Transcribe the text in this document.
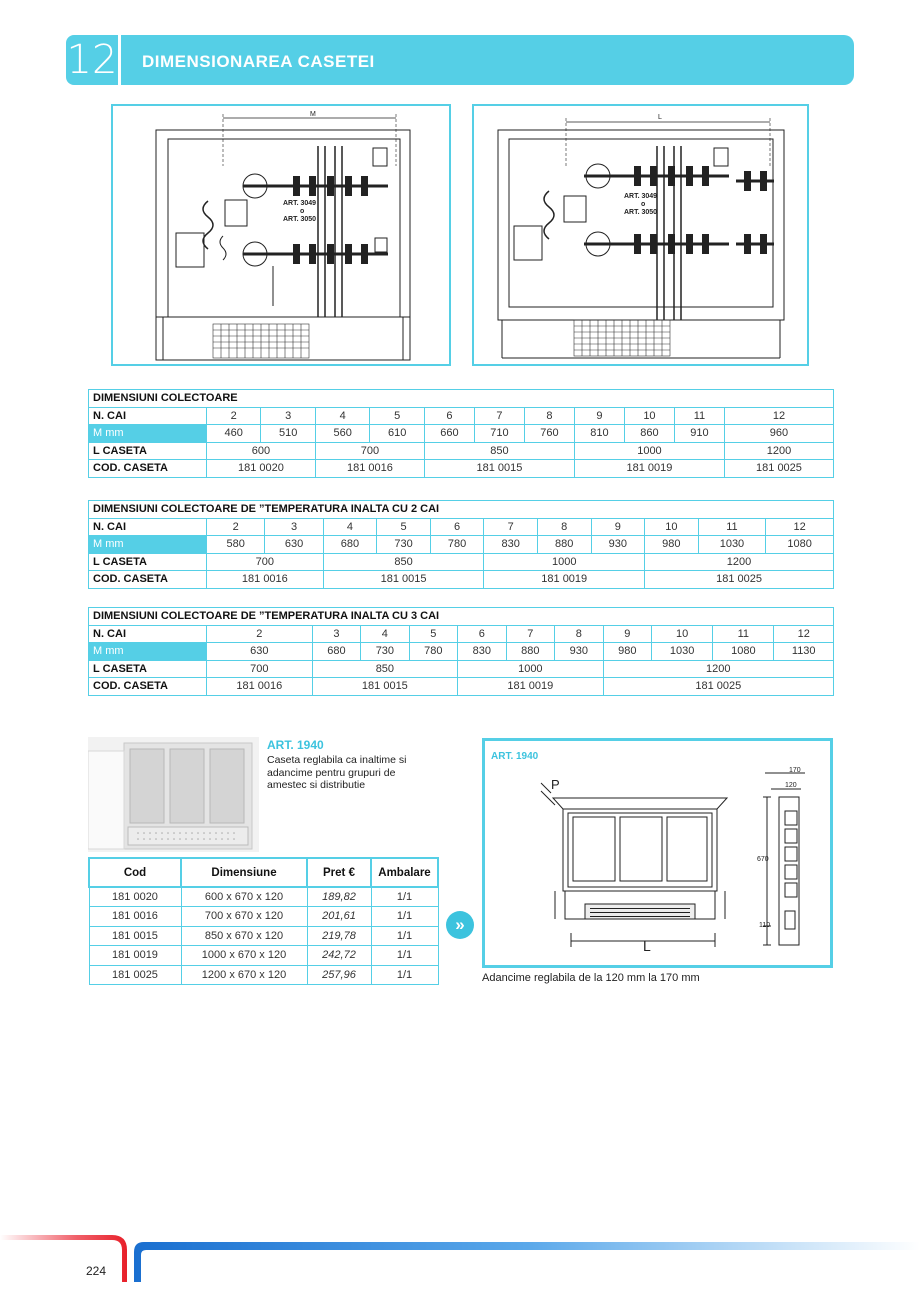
12	DIMENSIONAREA CASETEI
M
ART. 3049
o
ART. 3050
L
ART. 3049
o
ART. 3050
DIMENSIUNI COLECTOARE											
N. CAI	2	3	4	5	6	7	8	9	10	11	12
M mm	460	510	560	610	660	710	760	810	860	910	960
L CASETA	600		700		850			1000			1200
COD. CASETA	181 0020		181 0016		181 0015			181 0019			181 0025
DIMENSIUNI COLECTOARE DE ”TEMPERATURA INALTA CU 2 CAI											
N. CAI	2	3	4	5	6	7	8	9	10	11	12
M mm	580	630	680	730	780	830	880	930	980	1030	1080
L CASETA	700		850			1000			1200		
COD. CASETA	181 0016		181 0015			181 0019			181 0025		
DIMENSIUNI COLECTOARE DE ”TEMPERATURA INALTA CU 3 CAI											
N. CAI	2	3	4	5	6	7	8	9	10	11	12
M mm	630	680	730	780	830	880	930	980	1030	1080	1130
L CASETA	700	850			1000			1200			
COD. CASETA	181 0016	181 0015			181 0019			181 0025			
ART. 1940
Caseta reglabila ca inaltime si adancime pentru grupuri de amestec si distributie
Cod	Dimensiune	Pret €	Ambalare
181 0020	600 x 670 x 120	189,82	1/1
181 0016	700 x 670 x 120	201,61	1/1
181 0015	850 x 670 x 120	219,78	1/1
181 0019	1000 x 670 x 120	242,72	1/1
181 0025	1200 x 670 x 120	257,96	1/1
»
ART. 1940
P
L
170
120
670
110
Adancime reglabila de la 120 mm la 170 mm
224
